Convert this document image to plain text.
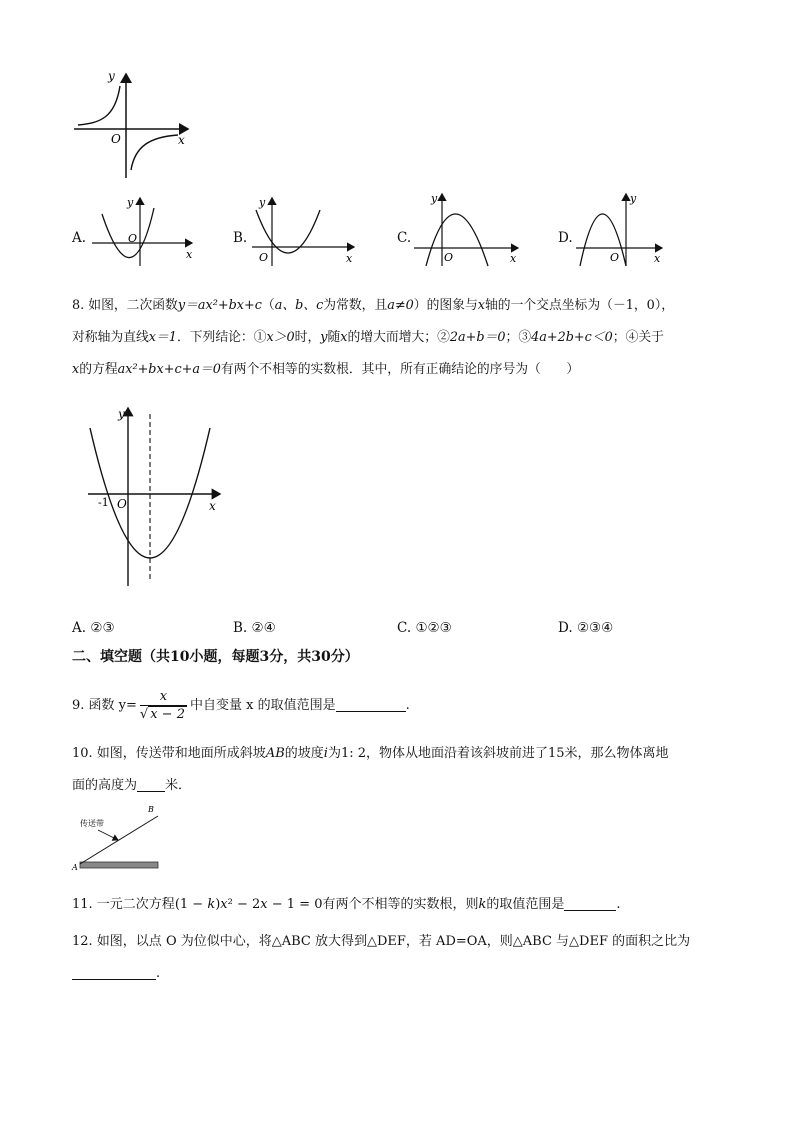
y
x
O
A.
y
x
O	B.
y
x
O
C.
y
x
O
D.
y
x
O
8. 如图，二次函数y＝ax²+bx+c（a、b、c为常数，且a≠0）的图象与x轴的一个交点坐标为（－1，0），
对称轴为直线x＝1．下列结论：①x＞0时，y随x的增大而增大；②2a+b＝0；③4a+2b+c＜0；④关于
x的方程ax²+bx+c+a＝0有两个不相等的实数根．其中，所有正确结论的序号为（　　）
y
x
O
-1
A. ②③	B. ②④	C. ①②③	D. ②③④
二、填空题（共10小题，每题3分，共30分）
9. 函数 $y= \frac{x}{√ x - 2}$ 中自变量 x 的取值范围是	.
10. 如图，传送带和地面所成斜坡AB的坡度i为1: 2，物体从地面沿着该斜坡前进了15米，那么物体离地
面的高度为 米．
传送带
B
A
11. 一元二次方程(1 − k)x² − 2x − 1 = 0有两个不相等的实数根，则k的取值范围是	.
12. 如图，以点 O 为位似中心，将△ABC 放大得到△DEF，若 AD=OA，则△ABC 与△DEF 的面积之比为
.
